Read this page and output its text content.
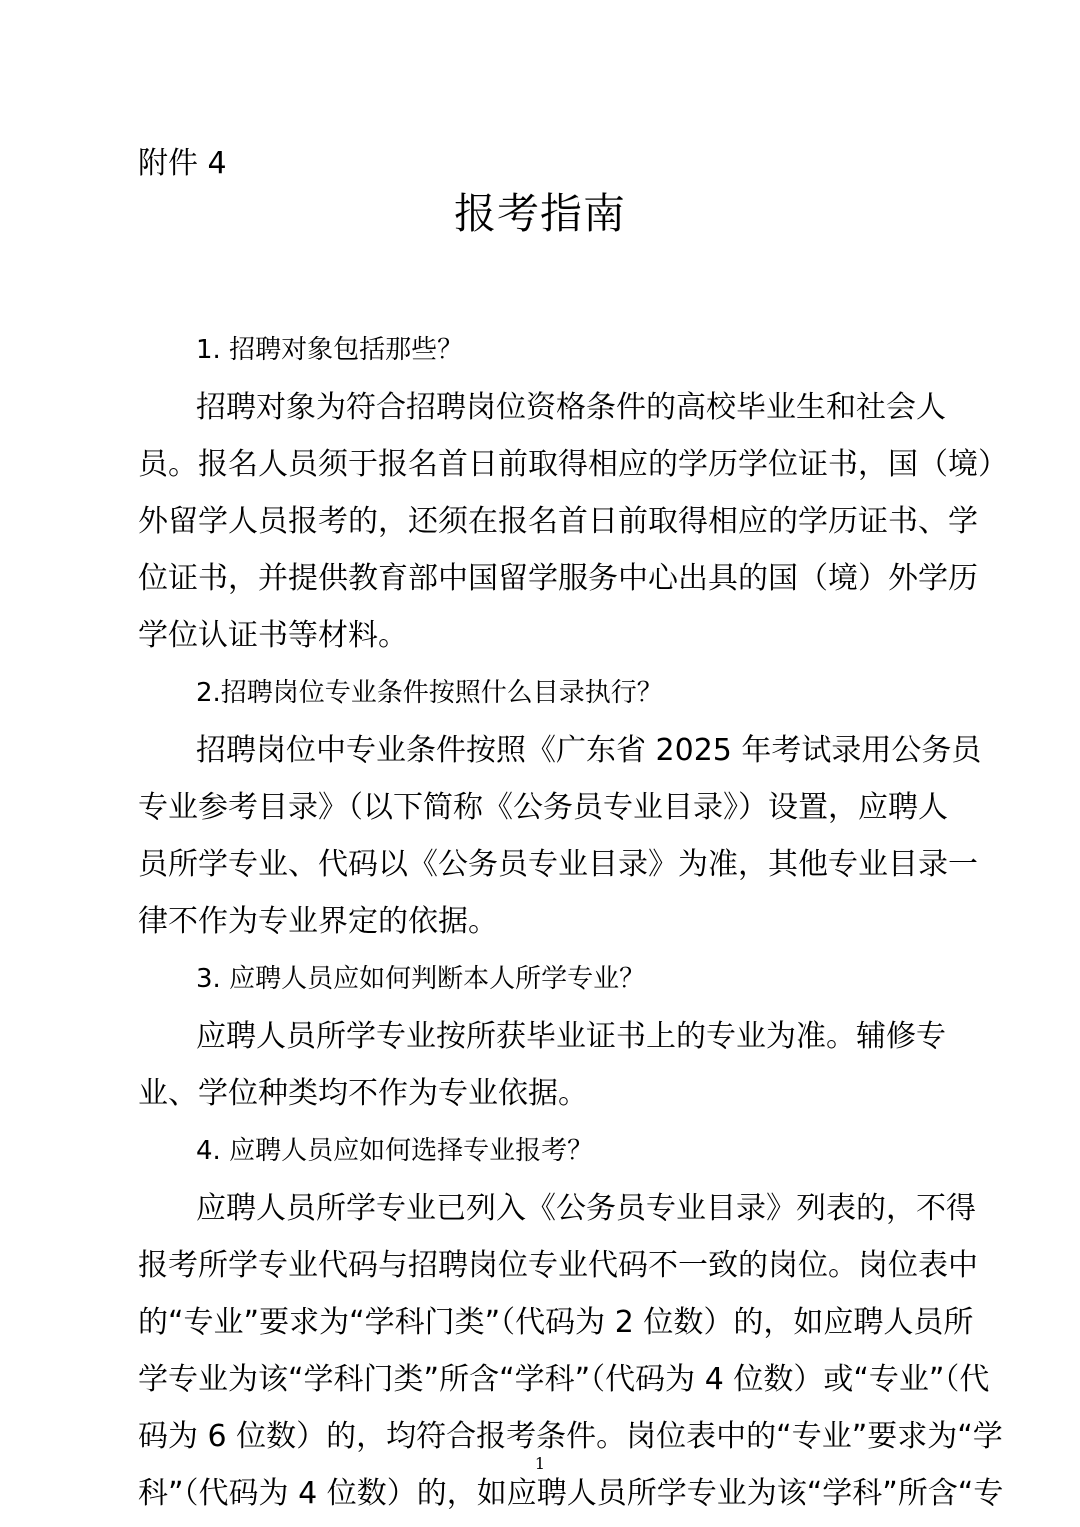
附件 4
报考指南
1. 招聘对象包括那些？
招聘对象为符合招聘岗位资格条件的高校毕业生和社会人
员。报名人员须于报名首日前取得相应的学历学位证书，国（境）
外留学人员报考的，还须在报名首日前取得相应的学历证书、学
位证书，并提供教育部中国留学服务中心出具的国（境）外学历
学位认证书等材料。
2.招聘岗位专业条件按照什么目录执行？
招聘岗位中专业条件按照《广东省 2025 年考试录用公务员
专业参考目录》（以下简称《公务员专业目录》）设置，应聘人
员所学专业、代码以《公务员专业目录》为准，其他专业目录一
律不作为专业界定的依据。
3. 应聘人员应如何判断本人所学专业？
应聘人员所学专业按所获毕业证书上的专业为准。辅修专
业、学位种类均不作为专业依据。
4. 应聘人员应如何选择专业报考？
应聘人员所学专业已列入《公务员专业目录》列表的，不得
报考所学专业代码与招聘岗位专业代码不一致的岗位。岗位表中
的“专业”要求为“学科门类”（代码为 2 位数）的，如应聘人员所
学专业为该“学科门类”所含“学科”（代码为 4 位数）或“专业”（代
码为 6 位数）的，均符合报考条件。岗位表中的“专业”要求为“学
科”（代码为 4 位数）的，如应聘人员所学专业为该“学科”所含“专
1
